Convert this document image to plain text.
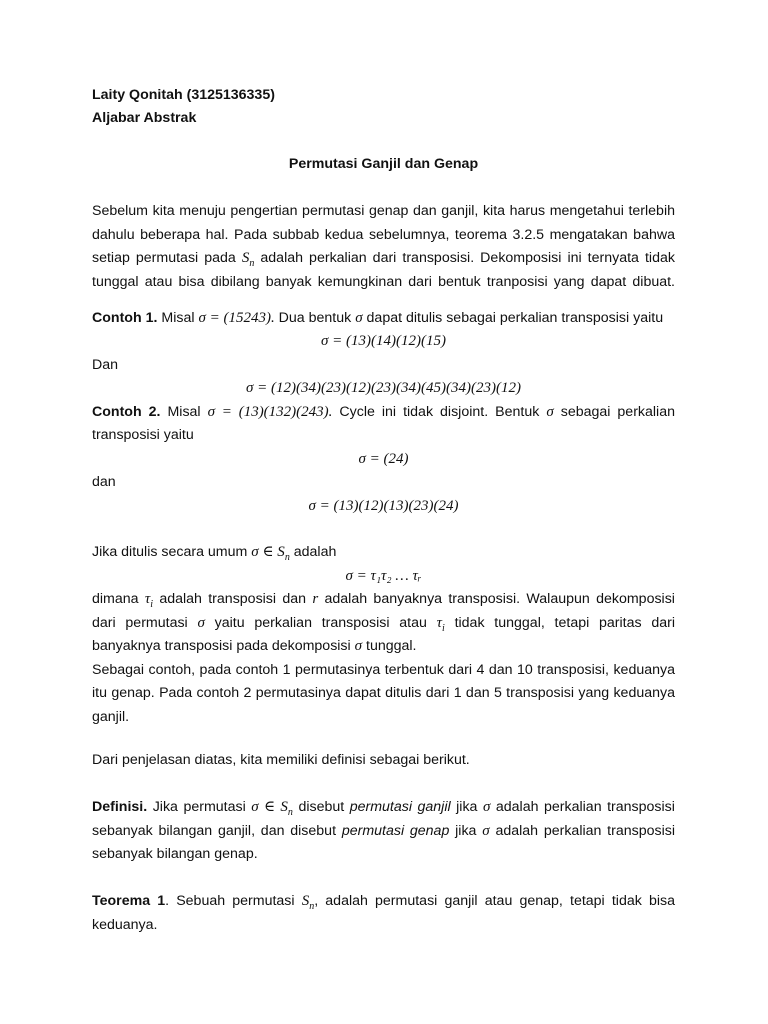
Laity Qonitah (3125136335)
Aljabar Abstrak
Permutasi Ganjil dan Genap
Sebelum kita menuju pengertian permutasi genap dan ganjil, kita harus mengetahui terlebih
dahulu beberapa hal. Pada subbab kedua sebelumnya, teorema 3.2.5 mengatakan bahwa
setiap permutasi pada $S_n$ adalah perkalian dari transposisi. Dekomposisi ini ternyata tidak
tunggal atau bisa dibilang banyak kemungkinan dari bentuk tranposisi yang dapat dibuat.
Contoh 1. Misal σ = (15243). Dua bentuk σ dapat ditulis sebagai perkalian transposisi yaitu
σ = (13)(14)(12)(15)
Dan
σ = (12)(34)(23)(12)(23)(34)(45)(34)(23)(12)
Contoh 2. Misal σ = (13)(132)(243). Cycle ini tidak disjoint. Bentuk σ sebagai perkalian
transposisi yaitu
σ = (24)
dan
σ = (13)(12)(13)(23)(24)
Jika ditulis secara umum σ ∈ $S_n$ adalah
σ = τ₁τ₂ … τᵣ
dimana $\tau_i$ adalah transposisi dan r adalah banyaknya transposisi. Walaupun dekomposisi
dari permutasi σ yaitu perkalian transposisi atau $\tau_i$ tidak tunggal, tetapi paritas dari
banyaknya transposisi pada dekomposisi σ tunggal.
Sebagai contoh, pada contoh 1 permutasinya terbentuk dari 4 dan 10 transposisi, keduanya
itu genap. Pada contoh 2 permutasinya dapat ditulis dari 1 dan 5 transposisi yang keduanya
ganjil.
Dari penjelasan diatas, kita memiliki definisi sebagai berikut.
Definisi. Jika permutasi σ ∈ $S_n$ disebut permutasi ganjil jika σ adalah perkalian transposisi
sebanyak bilangan ganjil, dan disebut permutasi genap jika σ adalah perkalian transposisi
sebanyak bilangan genap.
Teorema 1. Sebuah permutasi $S_n$, adalah permutasi ganjil atau genap, tetapi tidak bisa
keduanya.
